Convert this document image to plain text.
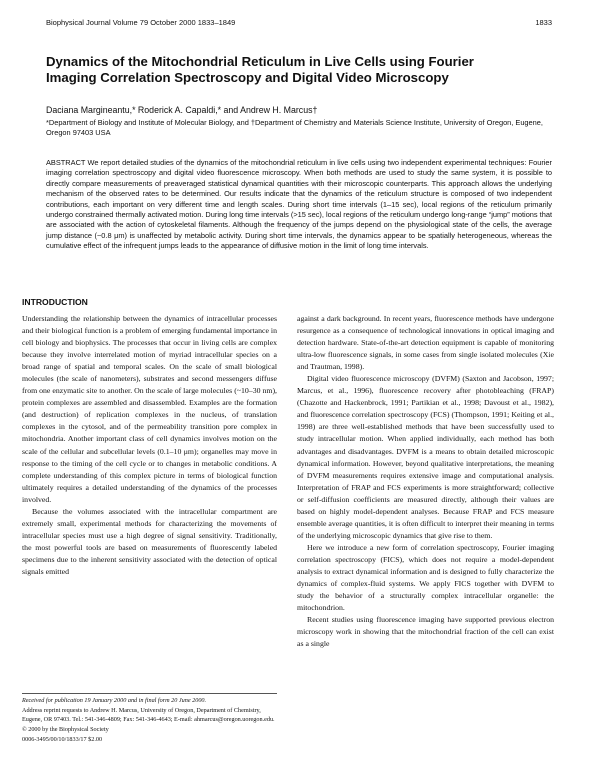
Biophysical Journal Volume 79 October 2000 1833–1849	1833
Dynamics of the Mitochondrial Reticulum in Live Cells using Fourier Imaging Correlation Spectroscopy and Digital Video Microscopy
Daciana Margineantu,* Roderick A. Capaldi,* and Andrew H. Marcus†
*Department of Biology and Institute of Molecular Biology, and †Department of Chemistry and Materials Science Institute, University of Oregon, Eugene, Oregon 97403 USA
ABSTRACT We report detailed studies of the dynamics of the mitochondrial reticulum in live cells using two independent experimental techniques: Fourier imaging correlation spectroscopy and digital video fluorescence microscopy. When both methods are used to study the same system, it is possible to directly compare measurements of preaveraged statistical dynamical quantities with their microscopic counterparts. This approach allows the underlying mechanism of the observed rates to be determined. Our results indicate that the dynamics of the reticulum structure is composed of two independent contributions, each important on very different time and length scales. During short time intervals (1–15 sec), local regions of the reticulum primarily undergo constrained thermally activated motion. During long time intervals (>15 sec), local regions of the reticulum undergo long-range “jump” motions that are associated with the action of cytoskeletal filaments. Although the frequency of the jumps depend on the physiological state of the cells, the average jump distance (~0.8 μm) is unaffected by metabolic activity. During short time intervals, the dynamics appear to be spatially heterogeneous, whereas the cumulative effect of the infrequent jumps leads to the appearance of diffusive motion in the limit of long time intervals.
INTRODUCTION

Understanding the relationship between the dynamics of intracellular processes and their biological function is a problem of emerging fundamental importance in cell biology and biophysics. The processes that occur in living cells are complex because they involve interrelated motion of myriad intracellular species on a broad range of spatial and temporal scales. On the scale of small biological molecules (the scale of nanometers), substrates and second messengers diffuse from one enzymatic site to another. On the scale of large molecules (~10–30 nm), protein complexes are assembled and disassembled. Examples are the formation (and destruction) of replication complexes in the nucleus, of translation complexes in the cytosol, and of the permeability transition pore complex in mitochondria. Another important class of cell dynamics involves motion on the scale of the cellular and subcellular levels (0.1–10 μm); organelles may move in response to the timing of the cell cycle or to changes in metabolic conditions. A complete understanding of this complex picture in terms of biological function ultimately requires a detailed understanding of the dynamics of the processes involved.

Because the volumes associated with the intracellular compartment are extremely small, experimental methods for characterizing the movements of intracellular species must use a high degree of signal sensitivity. Traditionally, the most powerful tools are based on measurements of fluorescently labeled specimens due to the inherent sensitivity associated with the detection of optical signals emitted

against a dark background. In recent years, fluorescence methods have undergone resurgence as a consequence of technological innovations in optical imaging and detection hardware. State-of-the-art detection equipment is capable of monitoring ultra-low fluorescence signals, in some cases from single isolated molecules (Xie and Trautman, 1998).

Digital video fluorescence microscopy (DVFM) (Saxton and Jacobson, 1997; Marcus, et al., 1996), fluorescence recovery after photobleaching (FRAP) (Chazotte and Hackenbrock, 1991; Partikian et al., 1998; Davoust et al., 1982), and fluorescence correlation spectroscopy (FCS) (Thompson, 1991; Keiting et al., 1998) are three well-established methods that have been successfully used to study intracellular motion. When applied individually, each method has both advantages and disadvantages. DVFM is a means to obtain detailed microscopic dynamical information. However, beyond qualitative interpretations, the meaning of DVFM measurements requires extensive image and computational analysis. Interpretation of FRAP and FCS experiments is more straightforward; collective or self-diffusion coefficients are measured directly, although their values are based on highly model-dependent analyses. Because FRAP and FCS measure ensemble average quantities, it is often difficult to interpret their meaning in terms of the underlying microscopic dynamics that give rise to them.

Here we introduce a new form of correlation spectroscopy, Fourier imaging correlation spectroscopy (FICS), which does not require a model-dependent analysis to extract dynamical information and is designed to fully characterize the dynamics of complex-fluid systems. We apply FICS together with DVFM to study the behavior of a structurally complex intracellular organelle: the mitochondrion.

Recent studies using fluorescence imaging have supported previous electron microscopy work in showing that the mitochondrial fraction of the cell can exist as a single

Received for publication 19 January 2000 and in final form 20 June 2000.
Address reprint requests to Andrew H. Marcus, University of Oregon, Department of Chemistry, Eugene, OR 97403. Tel.: 541-346-4809; Fax: 541-346-4643; E-mail: ahmarcus@oregon.uoregon.edu.
© 2000 by the Biophysical Society
0006-3495/00/10/1833/17 $2.00
